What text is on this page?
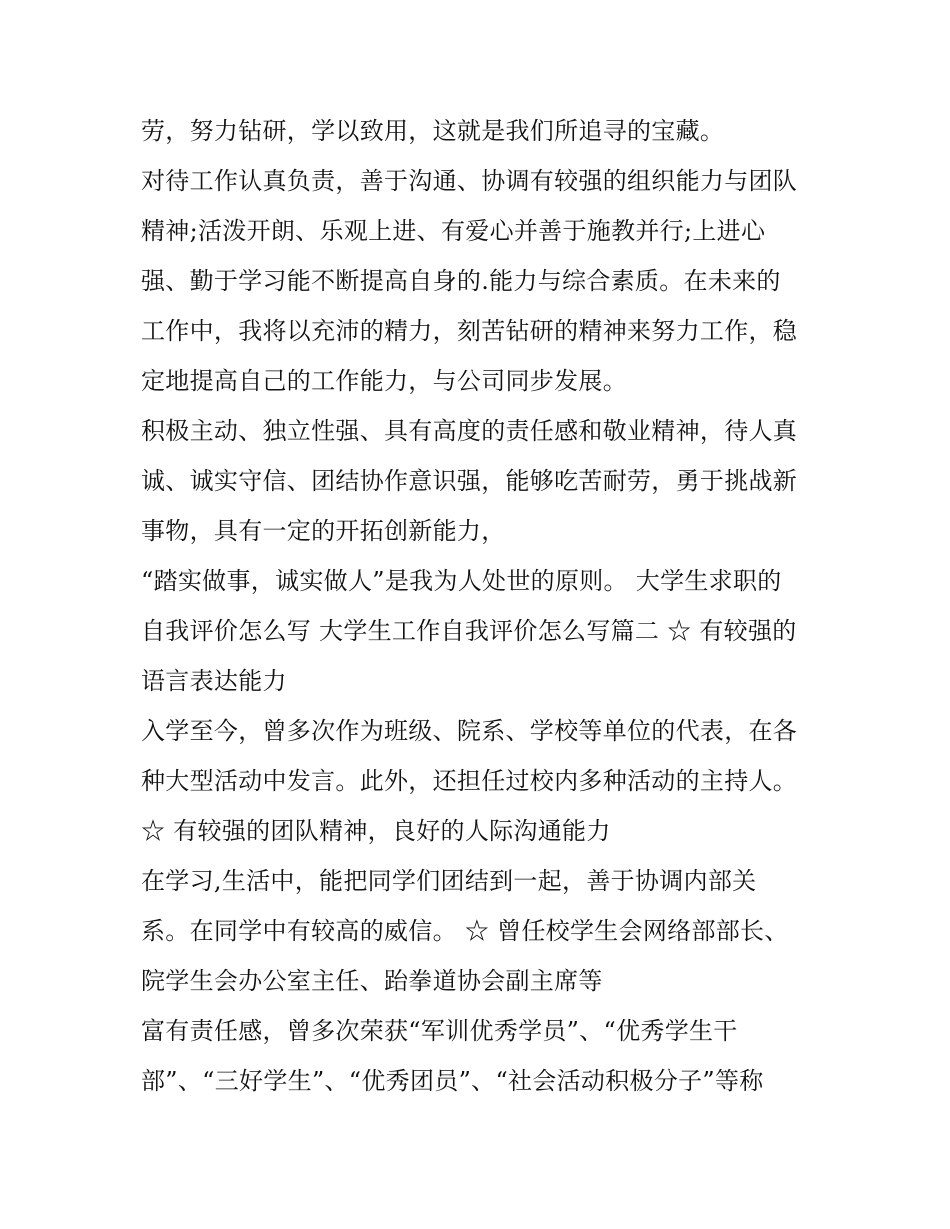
劳，努力钻研，学以致用，这就是我们所追寻的宝藏。
对待工作认真负责，善于沟通、协调有较强的组织能力与团队
精神;活泼开朗、乐观上进、有爱心并善于施教并行;上进心
强、勤于学习能不断提高自身的.能力与综合素质。在未来的
工作中，我将以充沛的精力，刻苦钻研的精神来努力工作，稳
定地提高自己的工作能力，与公司同步发展。
积极主动、独立性强、具有高度的责任感和敬业精神，待人真
诚、诚实守信、团结协作意识强，能够吃苦耐劳，勇于挑战新
事物，具有一定的开拓创新能力，
“踏实做事，诚实做人”是我为人处世的原则。 大学生求职的
自我评价怎么写 大学生工作自我评价怎么写篇二 ☆ 有较强的
语言表达能力
入学至今，曾多次作为班级、院系、学校等单位的代表，在各
种大型活动中发言。此外，还担任过校内多种活动的主持人。
☆ 有较强的团队精神，良好的人际沟通能力
在学习,生活中，能把同学们团结到一起，善于协调内部关
系。在同学中有较高的威信。 ☆ 曾任校学生会网络部部长、
院学生会办公室主任、跆拳道协会副主席等
富有责任感，曾多次荣获“军训优秀学员”、“优秀学生干
部”、“三好学生”、“优秀团员”、“社会活动积极分子”等称
